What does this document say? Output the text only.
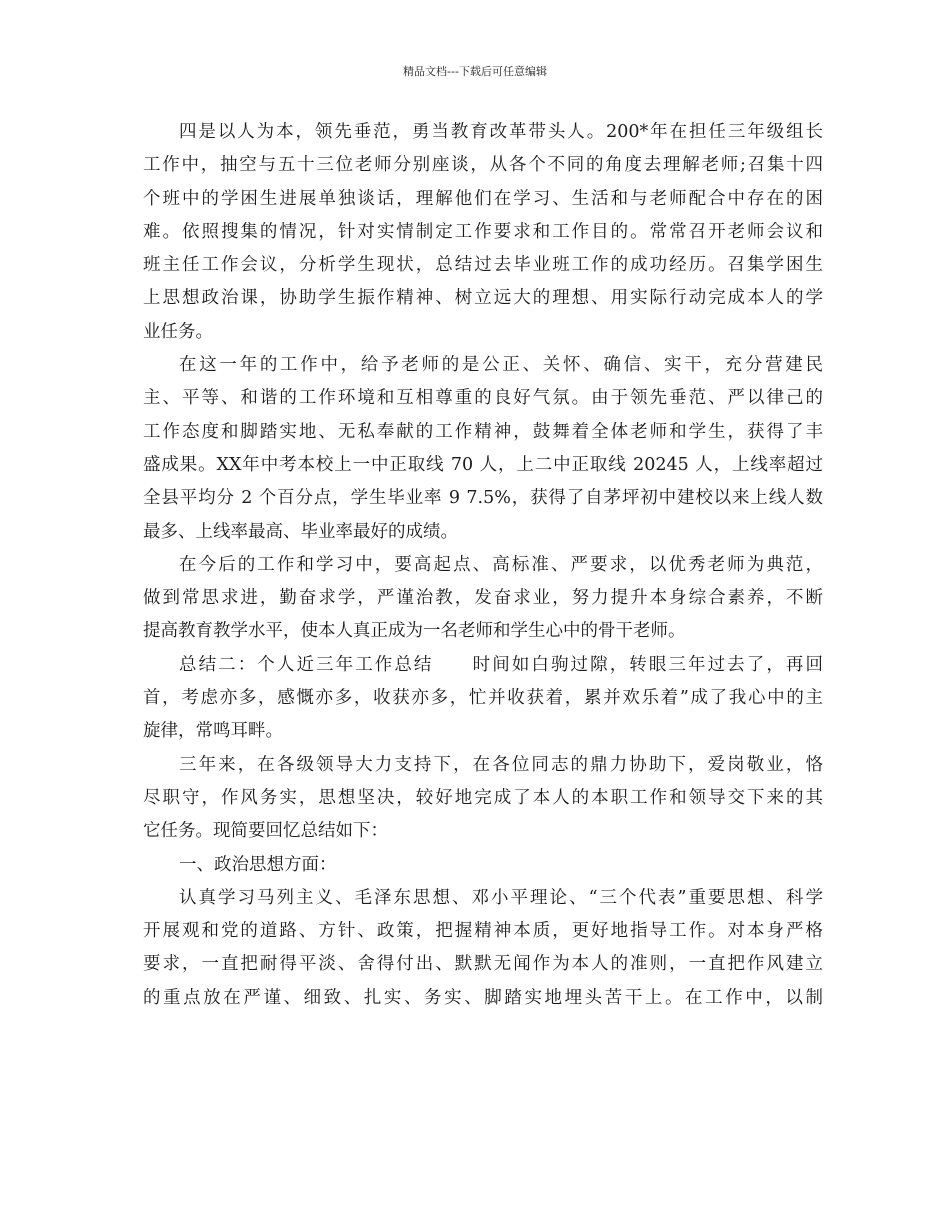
精品文档---下载后可任意编辑
四是以人为本，领先垂范，勇当教育改革带头人。200*年在担任三年级组长
工作中，抽空与五十三位老师分别座谈，从各个不同的角度去理解老师;召集十四
个班中的学困生进展单独谈话，理解他们在学习、生活和与老师配合中存在的困
难。依照搜集的情况，针对实情制定工作要求和工作目的。常常召开老师会议和
班主任工作会议，分析学生现状，总结过去毕业班工作的成功经历。召集学困生
上思想政治课，协助学生振作精神、树立远大的理想、用实际行动完成本人的学
业任务。
在这一年的工作中，给予老师的是公正、关怀、确信、实干，充分营建民
主、平等、和谐的工作环境和互相尊重的良好气氛。由于领先垂范、严以律己的
工作态度和脚踏实地、无私奉献的工作精神，鼓舞着全体老师和学生，获得了丰
盛成果。XX年中考本校上一中正取线 70 人，上二中正取线 20245 人，上线率超过
全县平均分 2 个百分点，学生毕业率 9 7.5%，获得了自茅坪初中建校以来上线人数
最多、上线率最高、毕业率最好的成绩。
在今后的工作和学习中，要高起点、高标准、严要求，以优秀老师为典范，
做到常思求进，勤奋求学，严谨治教，发奋求业，努力提升本身综合素养，不断
提高教育教学水平，使本人真正成为一名老师和学生心中的骨干老师。
总结二：个人近三年工作总结　　时间如白驹过隙，转眼三年过去了，再回
首，考虑亦多，感慨亦多，收获亦多，忙并收获着，累并欢乐着”成了我心中的主
旋律，常鸣耳畔。
三年来，在各级领导大力支持下，在各位同志的鼎力协助下，爱岗敬业，恪
尽职守，作风务实，思想坚决，较好地完成了本人的本职工作和领导交下来的其
它任务。现简要回忆总结如下：
一、政治思想方面：
认真学习马列主义、毛泽东思想、邓小平理论、“三个代表”重要思想、科学
开展观和党的道路、方针、政策，把握精神本质，更好地指导工作。对本身严格
要求，一直把耐得平淡、舍得付出、默默无闻作为本人的准则，一直把作风建立
的重点放在严谨、细致、扎实、务实、脚踏实地埋头苦干上。在工作中，以制
